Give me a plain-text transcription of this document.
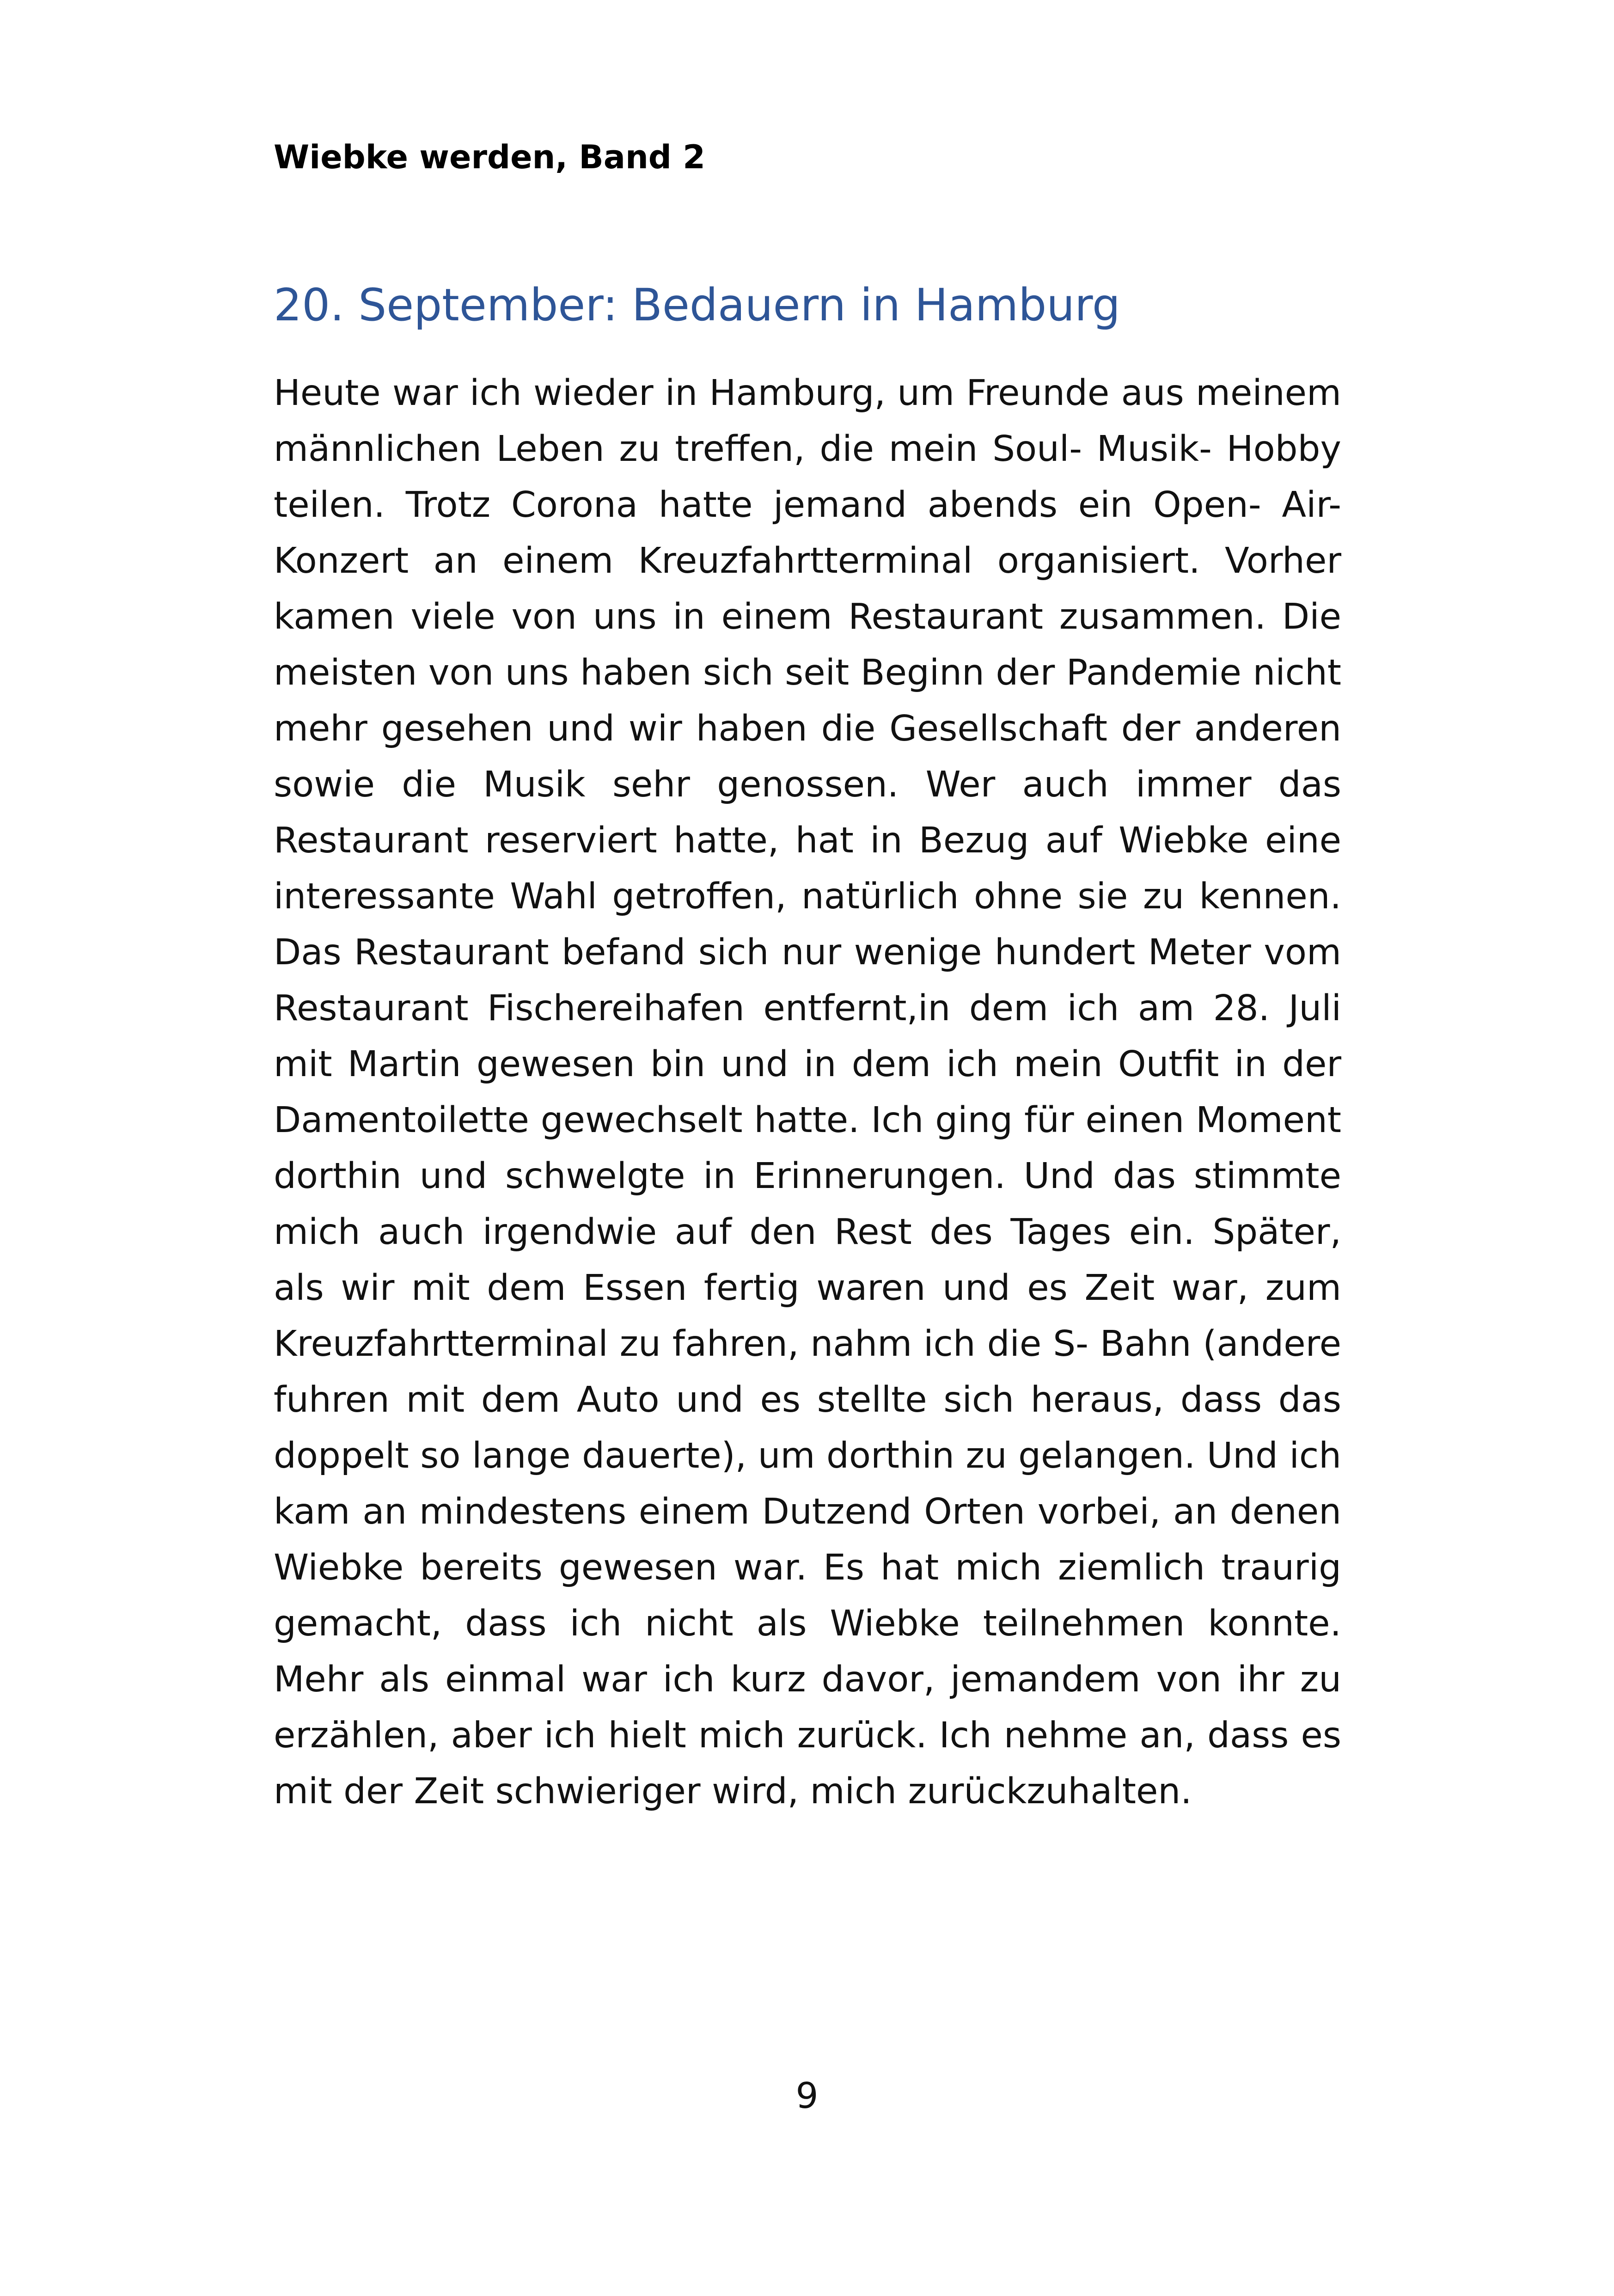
Wiebke werden, Band 2
20. September: Bedauern in Hamburg

Heute war ich wieder in Hamburg, um Freunde aus meinem männlichen Leben zu treffen, die mein Soul- Musik- Hobby teilen. Trotz Corona hatte jemand abends ein Open- Air-Konzert an einem Kreuzfahrtterminal organisiert. Vorher kamen viele von uns in einem Restaurant zusammen. Die meisten von uns haben sich seit Beginn der Pandemie nicht mehr gesehen und wir haben die Gesellschaft der anderen sowie die Musik sehr genossen. Wer auch immer das Restaurant reserviert hatte, hat in Bezug auf Wiebke eine interessante Wahl getroffen, natürlich ohne sie zu kennen. Das Restaurant befand sich nur wenige hundert Meter vom Restaurant Fischereihafen entfernt,in dem ich am 28. Juli mit Martin gewesen bin und in dem ich mein Outfit in der Damentoilette gewechselt hatte. Ich ging für einen Moment dorthin und schwelgte in Erinnerungen. Und das stimmte mich auch irgendwie auf den Rest des Tages ein. Später, als wir mit dem Essen fertig waren und es Zeit war, zum Kreuzfahrtterminal zu fahren, nahm ich die S- Bahn (andere fuhren mit dem Auto und es stellte sich heraus, dass das doppelt so lange dauerte), um dorthin zu gelangen. Und ich kam an mindestens einem Dutzend Orten vorbei, an denen Wiebke bereits gewesen war. Es hat mich ziemlich traurig gemacht, dass ich nicht als Wiebke teilnehmen konnte. Mehr als einmal war ich kurz davor, jemandem von ihr zu erzählen, aber ich hielt mich zurück. Ich nehme an, dass es mit der Zeit schwieriger wird, mich zurückzuhalten.

9
